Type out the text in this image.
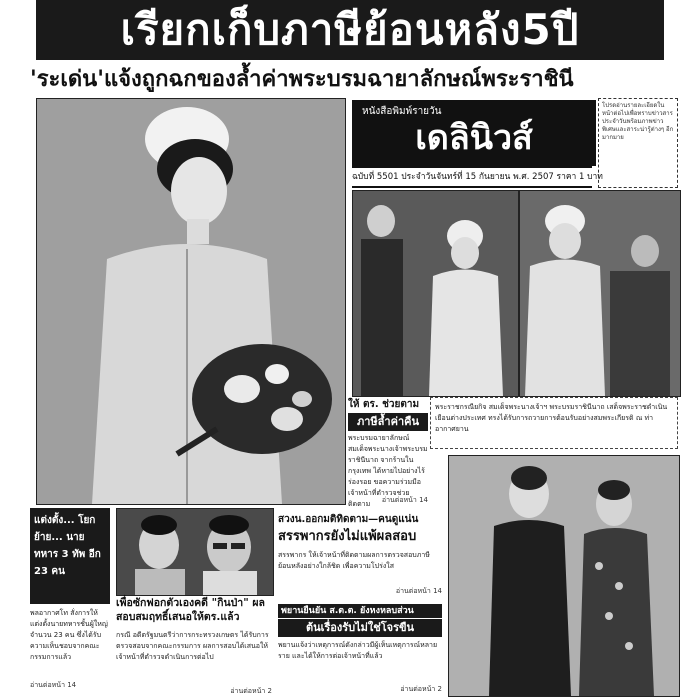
เรียกเก็บภาษีย้อนหลัง5ปี
'ระเด่น'แจ้งถูกฉกของล้ำค่าพระบรมฉายาลักษณ์พระราชินี
หนังสือพิมพ์รายวัน
เดลินิวส์
ฉบับที่ 5501 ประจำวันจันทร์ที่ 15 กันยายน พ.ศ. 2507 ราคา 1 บาท
โปรดอ่านรายละเอียดในหน้าต่อไปเพื่อทราบข่าวสารประจำวันพร้อมภาพข่าวพิเศษและสาระน่ารู้ต่างๆ อีกมากมาย
พระราชกรณียกิจ สมเด็จพระนางเจ้าฯ พระบรมราชินีนาถ เสด็จพระราชดำเนินเยือนต่างประเทศ ทรงได้รับการถวายการต้อนรับอย่างสมพระเกียรติ ณ ท่าอากาศยาน
ให้ ตร. ช่วยตาม
ภาษีล้ำค่าคืน
พระบรมฉายาลักษณ์ สมเด็จพระนางเจ้าพระบรมราชินีนาถ จากร้านในกรุงเทพ ได้หายไปอย่างไร้ร่องรอย ขอความร่วมมือเจ้าหน้าที่ตำรวจช่วยติดตาม	อ่านต่อหน้า 14
แต่งตั้ง... โยกย้าย... นายทหาร 3 ทัพ อีก 23 คน
พลอากาศโท สั่งการให้แต่งตั้งนายทหารชั้นผู้ใหญ่ จำนวน 23 คน ซึ่งได้รับความเห็นชอบจากคณะกรรมการแล้ว
อ่านต่อหน้า 14
เพื่อซักฟอกตัวเองคดี "กินป่า" ผลสอบสมฤทธิ์เสนอให้ตร.แล้ว
กรณี อดีตรัฐมนตรีว่าการกระทรวงเกษตร ได้รับการตรวจสอบจากคณะกรรมการ ผลการสอบได้เสนอให้เจ้าหน้าที่ตำรวจดำเนินการต่อไป
อ่านต่อหน้า 2
สวงน.ออกมติทิดตาม—คนดูแน่น
สรรพากรยังไม่แพ้ผลสอบ
สรรพากร ให้เจ้าหน้าที่ติดตามผลการตรวจสอบภาษีย้อนหลังอย่างใกล้ชิด เพื่อความโปร่งใส
อ่านต่อหน้า 14
พยานยืนยัน ส.ต.ต. ยังหงหลบส่วน
ต้นเรื่องรับไม่ใช่โจรขืน
พยานแจ้งว่าเหตุการณ์ดังกล่าวมีผู้เห็นเหตุการณ์หลายราย และได้ให้การต่อเจ้าหน้าที่แล้ว
อ่านต่อหน้า 2
